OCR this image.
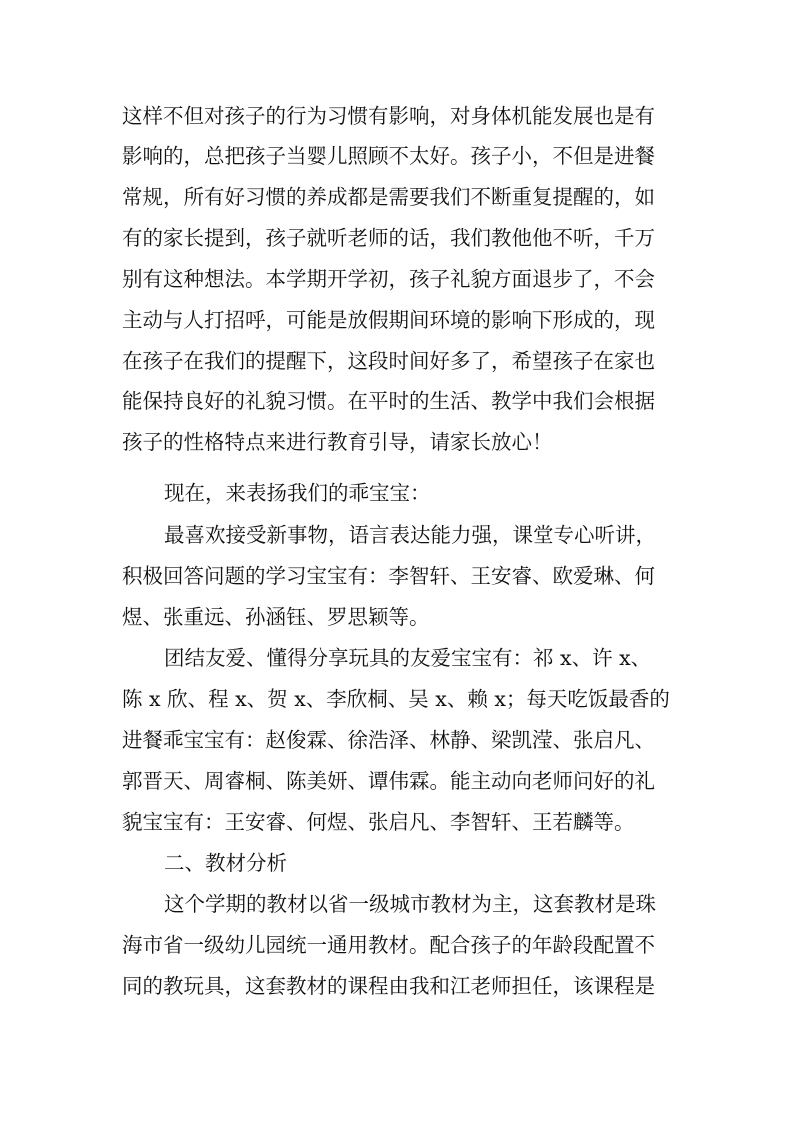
这样不但对孩子的行为习惯有影响，对身体机能发展也是有
影响的，总把孩子当婴儿照顾不太好。孩子小，不但是进餐
常规，所有好习惯的养成都是需要我们不断重复提醒的，如
有的家长提到，孩子就听老师的话，我们教他他不听，千万
别有这种想法。本学期开学初，孩子礼貌方面退步了，不会
主动与人打招呼，可能是放假期间环境的影响下形成的，现
在孩子在我们的提醒下，这段时间好多了，希望孩子在家也
能保持良好的礼貌习惯。在平时的生活、教学中我们会根据
孩子的性格特点来进行教育引导，请家长放心！
现在，来表扬我们的乖宝宝：
最喜欢接受新事物，语言表达能力强，课堂专心听讲，
积极回答问题的学习宝宝有：李智轩、王安睿、欧爱琳、何
煜、张重远、孙涵钰、罗思颖等。
团结友爱、懂得分享玩具的友爱宝宝有：祁 x、许 x、
陈 x 欣、程 x、贺 x、李欣桐、吴 x、赖 x；每天吃饭最香的
进餐乖宝宝有：赵俊霖、徐浩泽、林静、梁凯滢、张启凡、
郭晋天、周睿桐、陈美妍、谭伟霖。能主动向老师问好的礼
貌宝宝有：王安睿、何煜、张启凡、李智轩、王若麟等。
二、教材分析
这个学期的教材以省一级城市教材为主，这套教材是珠
海市省一级幼儿园统一通用教材。配合孩子的年龄段配置不
同的教玩具，这套教材的课程由我和江老师担任，该课程是
